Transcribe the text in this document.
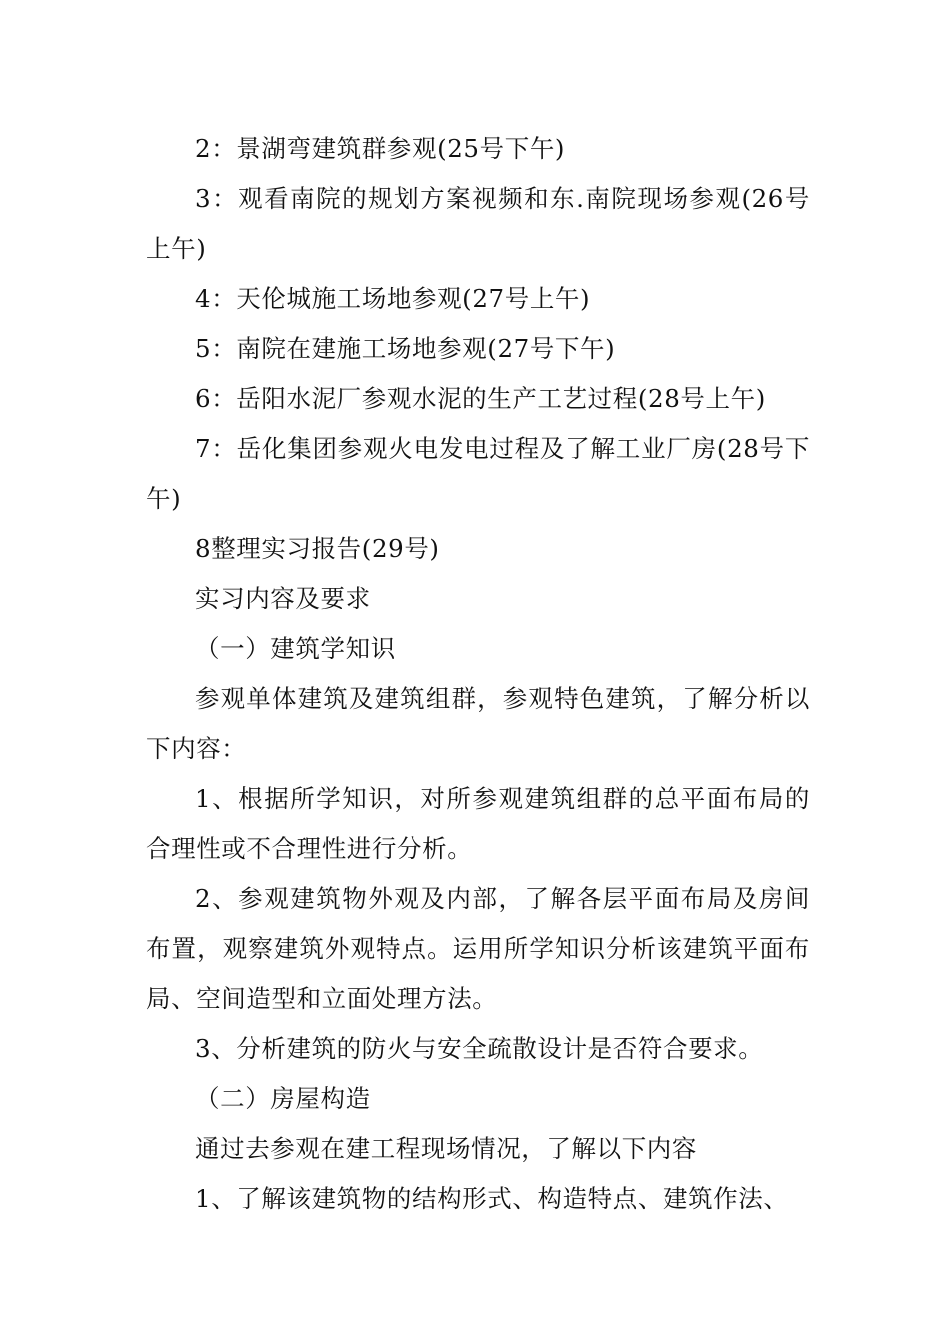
2：景湖弯建筑群参观(25号下午)

3：观看南院的规划方案视频和东.南院现场参观(26号上午)

4：天伦城施工场地参观(27号上午)

5：南院在建施工场地参观(27号下午)

6：岳阳水泥厂参观水泥的生产工艺过程(28号上午)

7：岳化集团参观火电发电过程及了解工业厂房(28号下午)

8整理实习报告(29号)

实习内容及要求

（一）建筑学知识

参观单体建筑及建筑组群，参观特色建筑，了解分析以下内容：

1、根据所学知识，对所参观建筑组群的总平面布局的合理性或不合理性进行分析。

2、参观建筑物外观及内部，了解各层平面布局及房间布置，观察建筑外观特点。运用所学知识分析该建筑平面布局、空间造型和立面处理方法。

3、分析建筑的防火与安全疏散设计是否符合要求。

（二）房屋构造

通过去参观在建工程现场情况，了解以下内容

1、了解该建筑物的结构形式、构造特点、建筑作法、
